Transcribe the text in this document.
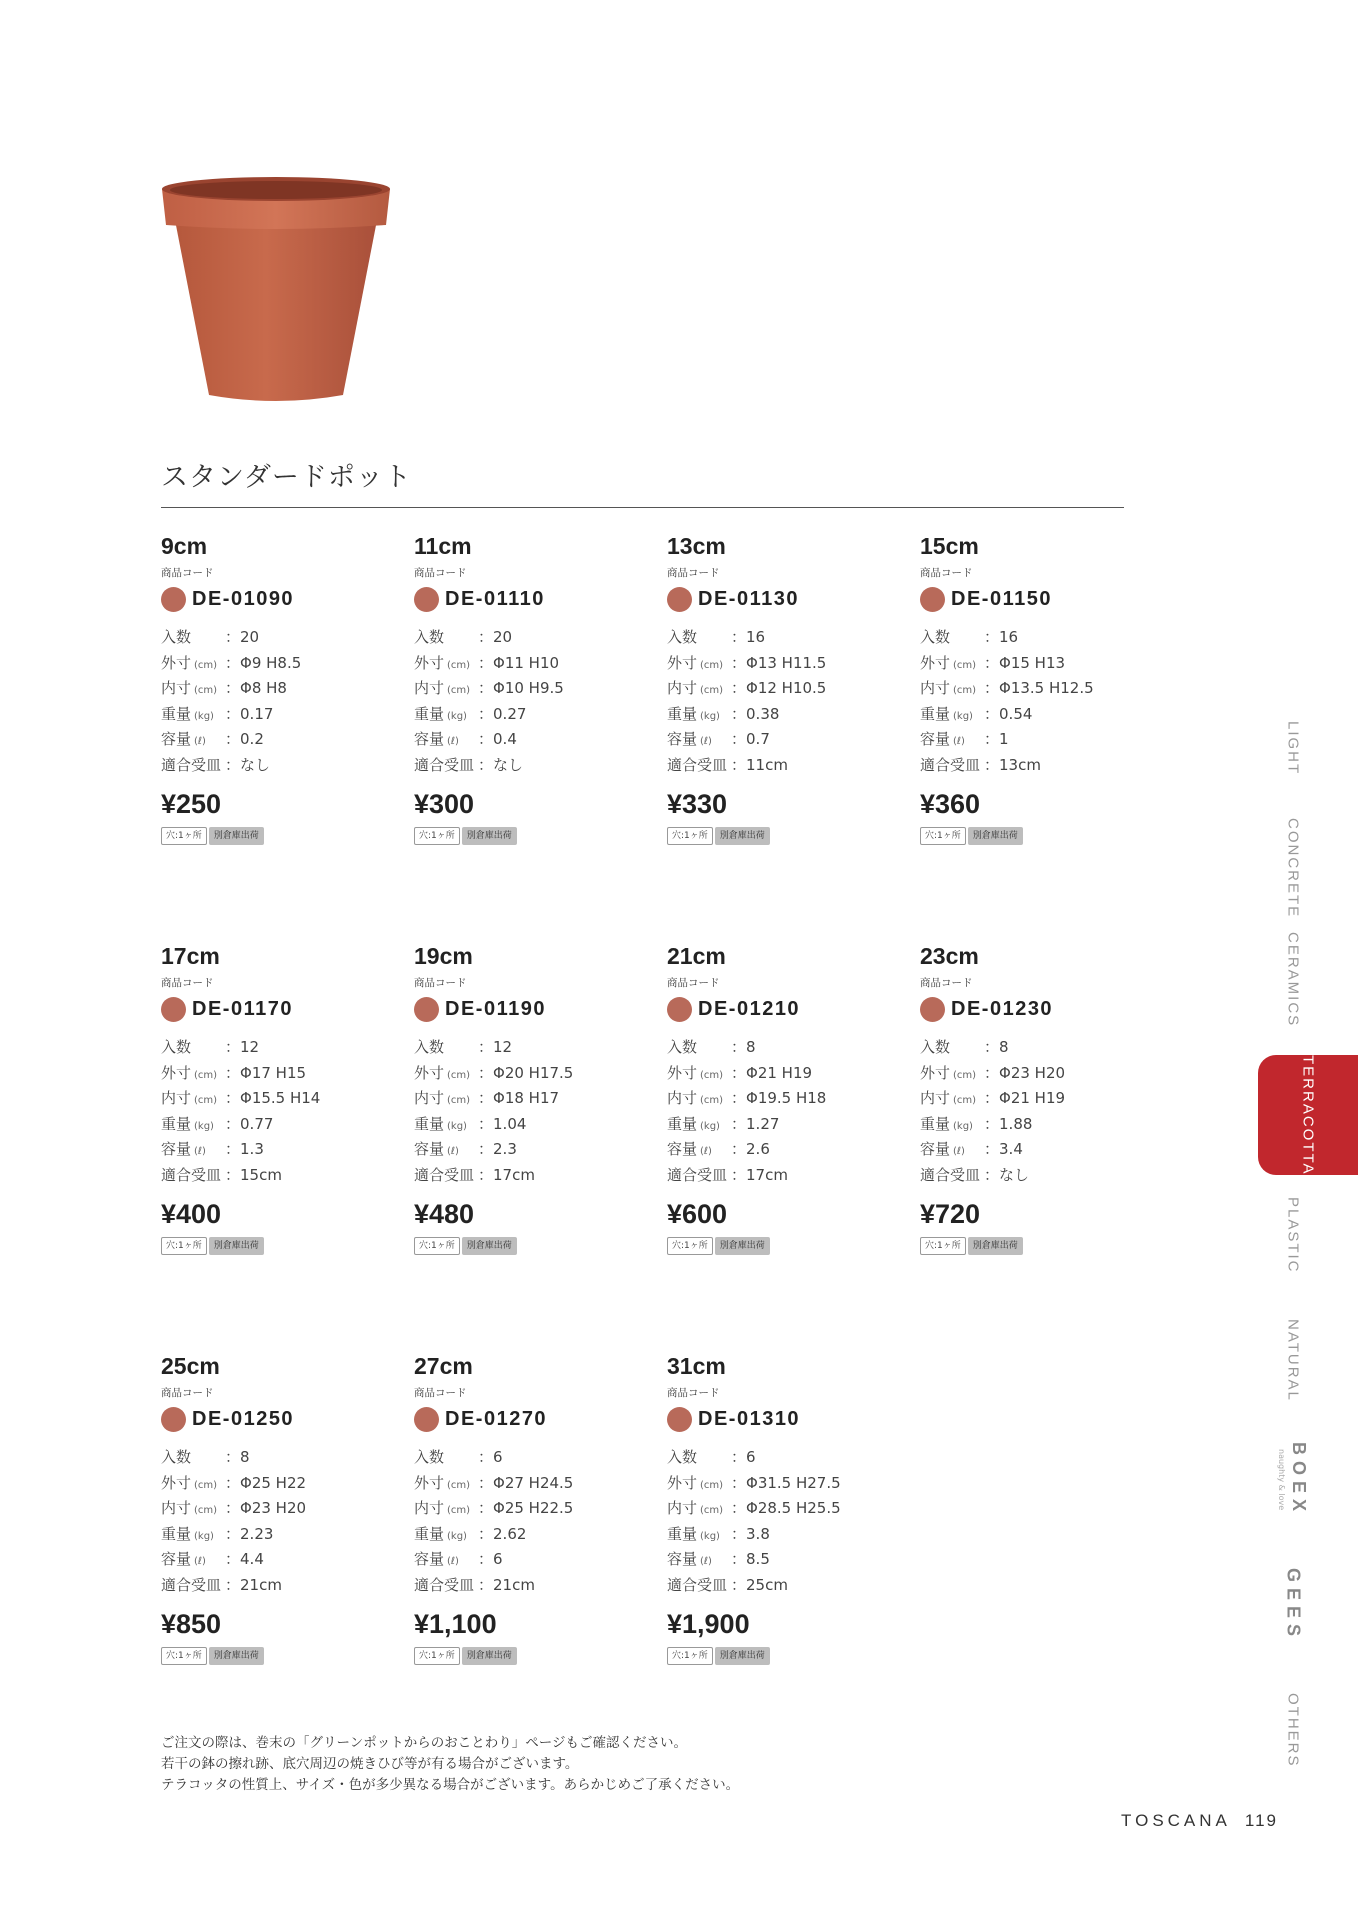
スタンダードポット
9cm
商品コード
DE-01090
入数	： 20
外寸 (cm) ： Φ9 H8.5
内寸 (cm) ： Φ8 H8
重量 (kg) ： 0.17
容量 (ℓ)	： 0.2
適合受皿 ： なし
¥250
穴:1ヶ所	別倉庫出荷
11cm
商品コード
DE-01110
入数	： 20
外寸 (cm) ： Φ11 H10
内寸 (cm) ： Φ10 H9.5
重量 (kg) ： 0.27
容量 (ℓ)	： 0.4
適合受皿 ： なし
¥300
穴:1ヶ所	別倉庫出荷
13cm
商品コード
DE-01130
入数	： 16
外寸 (cm) ： Φ13 H11.5
内寸 (cm) ： Φ12 H10.5
重量 (kg) ： 0.38
容量 (ℓ)	： 0.7
適合受皿 ： 11cm
¥330
穴:1ヶ所	別倉庫出荷
15cm
商品コード
DE-01150
入数	： 16
外寸 (cm) ： Φ15 H13
内寸 (cm) ： Φ13.5 H12.5
重量 (kg) ： 0.54
容量 (ℓ)	： 1
適合受皿 ： 13cm
¥360
穴:1ヶ所	別倉庫出荷
17cm
商品コード
DE-01170
入数	： 12
外寸 (cm) ： Φ17 H15
内寸 (cm) ： Φ15.5 H14
重量 (kg) ： 0.77
容量 (ℓ)	： 1.3
適合受皿 ： 15cm
¥400
穴:1ヶ所	別倉庫出荷
19cm
商品コード
DE-01190
入数	： 12
外寸 (cm) ： Φ20 H17.5
内寸 (cm) ： Φ18 H17
重量 (kg) ： 1.04
容量 (ℓ)	： 2.3
適合受皿 ： 17cm
¥480
穴:1ヶ所	別倉庫出荷
21cm
商品コード
DE-01210
入数	： 8
外寸 (cm) ： Φ21 H19
内寸 (cm) ： Φ19.5 H18
重量 (kg) ： 1.27
容量 (ℓ)	： 2.6
適合受皿 ： 17cm
¥600
穴:1ヶ所	別倉庫出荷
23cm
商品コード
DE-01230
入数	： 8
外寸 (cm) ： Φ23 H20
内寸 (cm) ： Φ21 H19
重量 (kg) ： 1.88
容量 (ℓ)	： 3.4
適合受皿 ： なし
¥720
穴:1ヶ所	別倉庫出荷
25cm
商品コード
DE-01250
入数	： 8
外寸 (cm) ： Φ25 H22
内寸 (cm) ： Φ23 H20
重量 (kg) ： 2.23
容量 (ℓ)	： 4.4
適合受皿 ： 21cm
¥850
穴:1ヶ所	別倉庫出荷
27cm
商品コード
DE-01270
入数	： 6
外寸 (cm) ： Φ27 H24.5
内寸 (cm) ： Φ25 H22.5
重量 (kg) ： 2.62
容量 (ℓ)	： 6
適合受皿 ： 21cm
¥1,100
穴:1ヶ所	別倉庫出荷
31cm
商品コード
DE-01310
入数	： 6
外寸 (cm) ： Φ31.5 H27.5
内寸 (cm) ： Φ28.5 H25.5
重量 (kg) ： 3.8
容量 (ℓ)	： 8.5
適合受皿 ： 25cm
¥1,900
穴:1ヶ所	別倉庫出荷
ご注文の際は、巻末の「グリーンポットからのおことわり」ページもご確認ください。
若干の鉢の擦れ跡、底穴周辺の焼きひび等が有る場合がございます。
テラコッタの性質上、サイズ・色が多少異なる場合がございます。あらかじめご了承ください。
TOSCANA 119
LIGHT
CONCRETE
CERAMICS
TERRACOTTA
PLASTIC
NATURAL
naughty & love BOEX
GEES
OTHERS
